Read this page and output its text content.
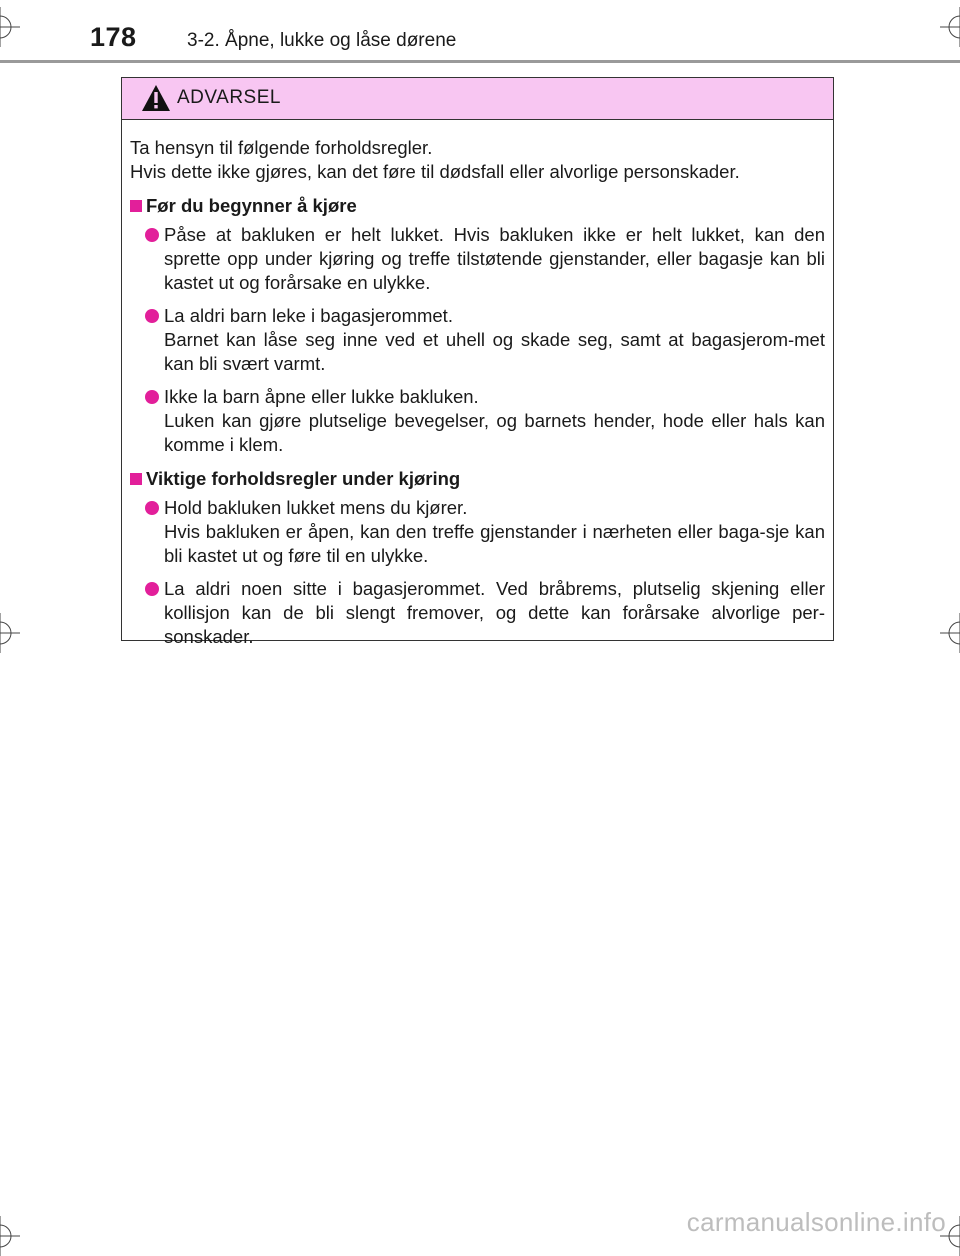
178	3-2. Åpne, lukke og låse dørene
ADVARSEL

Ta hensyn til følgende forholdsregler.

Hvis dette ikke gjøres, kan det føre til dødsfall eller alvorlige personskader.

Før du begynner å kjøre

Påse at bakluken er helt lukket. Hvis bakluken ikke er helt lukket, kan den sprette opp under kjøring og treffe tilstøtende gjenstander, eller bagasje kan bli kastet ut og forårsake en ulykke.

La aldri barn leke i bagasjerommet.

Barnet kan låse seg inne ved et uhell og skade seg, samt at bagasjerom-met kan bli svært varmt.

Ikke la barn åpne eller lukke bakluken.

Luken kan gjøre plutselige bevegelser, og barnets hender, hode eller hals kan komme i klem.

Viktige forholdsregler under kjøring

Hold bakluken lukket mens du kjører.

Hvis bakluken er åpen, kan den treffe gjenstander i nærheten eller baga-sje kan bli kastet ut og føre til en ulykke.

La aldri noen sitte i bagasjerommet. Ved bråbrems, plutselig skjening eller kollisjon kan de bli slengt fremover, og dette kan forårsake alvorlige per-sonskader.

carmanualsonline.info
